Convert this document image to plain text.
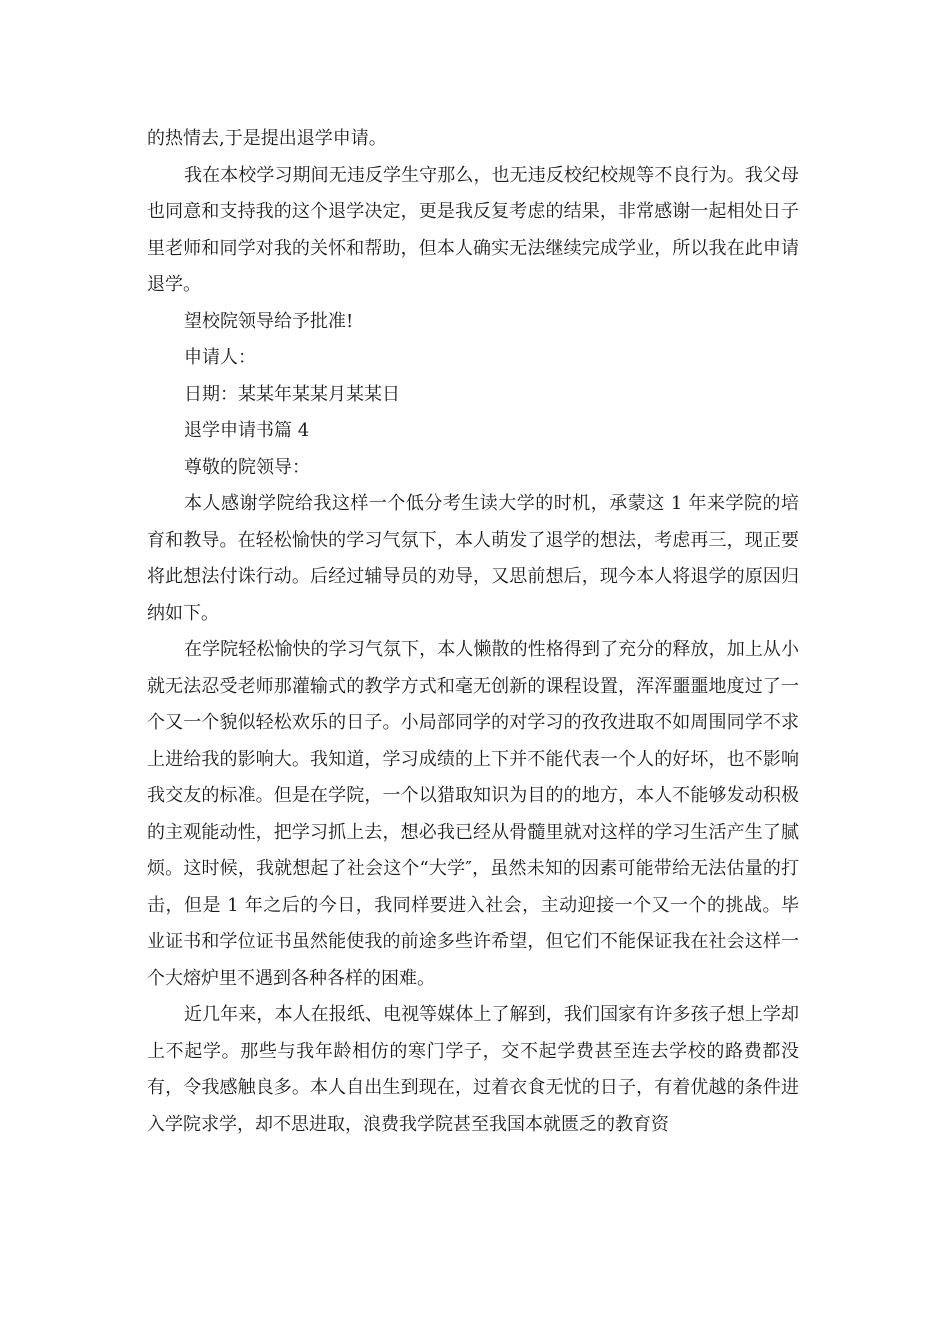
的热情去,于是提出退学申请。

我在本校学习期间无违反学生守那么，也无违反校纪校规等不良行为。我父母也同意和支持我的这个退学决定，更是我反复考虑的结果，非常感谢一起相处日子里老师和同学对我的关怀和帮助，但本人确实无法继续完成学业，所以我在此申请退学。

望校院领导给予批准!

申请人：

日期：某某年某某月某某日

退学申请书篇 4

尊敬的院领导：

本人感谢学院给我这样一个低分考生读大学的时机，承蒙这 1 年来学院的培育和教导。在轻松愉快的学习气氛下，本人萌发了退学的想法，考虑再三，现正要将此想法付诛行动。后经过辅导员的劝导，又思前想后，现今本人将退学的原因归纳如下。

在学院轻松愉快的学习气氛下，本人懒散的性格得到了充分的释放，加上从小就无法忍受老师那灌输式的教学方式和毫无创新的课程设置，浑浑噩噩地度过了一个又一个貌似轻松欢乐的日子。小局部同学的对学习的孜孜进取不如周围同学不求上进给我的影响大。我知道，学习成绩的上下并不能代表一个人的好坏，也不影响我交友的标准。但是在学院，一个以猎取知识为目的的地方，本人不能够发动积极的主观能动性，把学习抓上去，想必我已经从骨髓里就对这样的学习生活产生了腻烦。这时候，我就想起了社会这个“大学″，虽然未知的因素可能带给无法估量的打击，但是 1 年之后的今日，我同样要进入社会，主动迎接一个又一个的挑战。毕业证书和学位证书虽然能使我的前途多些许希望，但它们不能保证我在社会这样一个大熔炉里不遇到各种各样的困难。

近几年来，本人在报纸、电视等媒体上了解到，我们国家有许多孩子想上学却上不起学。那些与我年龄相仿的寒门学子，交不起学费甚至连去学校的路费都没有，令我感触良多。本人自出生到现在，过着衣食无忧的日子，有着优越的条件进入学院求学，却不思进取，浪费我学院甚至我国本就匮乏的教育资
